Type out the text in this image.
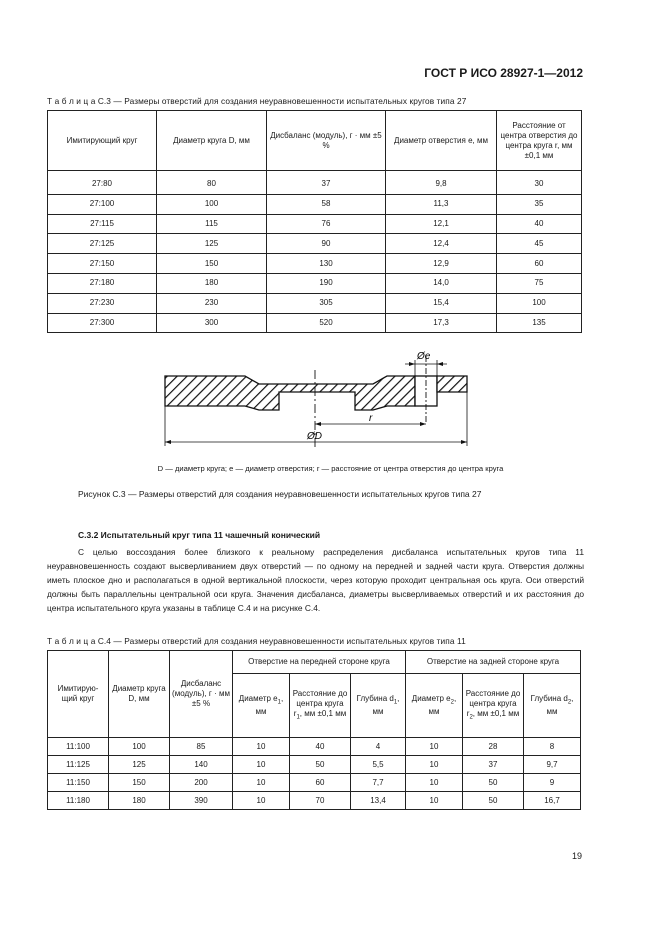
ГОСТ Р ИСО 28927-1—2012
Т а б л и ц а С.3 — Размеры отверстий для создания неуравновешенности испытательных кругов типа 27
Имитирующий круг	Диаметр круга D, мм	Дисбаланс (модуль), г · мм ±5 %	Диаметр отверстия e, мм	Расстояние от центра отверстия до центра круга r, мм ±0,1 мм
27:80	80	37	9,8	30
27:100	100	58	11,3	35
27:115	115	76	12,1	40
27:125	125	90	12,4	45
27:150	150	130	12,9	60
27:180	180	190	14,0	75
27:230	230	305	15,4	100
27:300	300	520	17,3	135
Øe
r
ØD
D — диаметр круга; e — диаметр отверстия; r — расстояние от центра отверстия до центра круга
Рисунок С.3 — Размеры отверстий для создания неуравновешенности испытательных кругов типа 27
С.3.2 Испытательный круг типа 11 чашечный конический
С целью воссоздания более близкого к реальному распределения дисбаланса испытательных кругов типа 11 неуравновешенность создают высверливанием двух отверстий — по одному на передней и задней части круга. Отверстия должны иметь плоское дно и располагаться в одной вертикальной плоскости, через которую проходит центральная ось круга. Оси отверстий должны быть параллельны центральной оси круга. Значения дисбаланса, диаметры высверливаемых отверстий и их расстояния до центра испытательного круга указаны в таблице С.4 и на рисунке С.4.
Т а б л и ц а С.4 — Размеры отверстий для создания неуравновешенности испытательных кругов типа 11
Имитирую-щий круг	Диаметр круга D, мм	Дисбаланс (модуль), г · мм ±5 %	Отверстие на передней стороне круга			Отверстие на задней стороне круга		
			Диаметр $e_1$, мм	Расстояние до центра круга $r_1$, мм ±0,1 мм	Глубина $d_1$, мм	Диаметр $e_2$, мм	Расстояние до центра круга $r_2$, мм ±0,1 мм	Глубина $d_2$, мм
11:100	100	85	10	40	4	10	28	8
11:125	125	140	10	50	5,5	10	37	9,7
11:150	150	200	10	60	7,7	10	50	9
11:180	180	390	10	70	13,4	10	50	16,7
19
